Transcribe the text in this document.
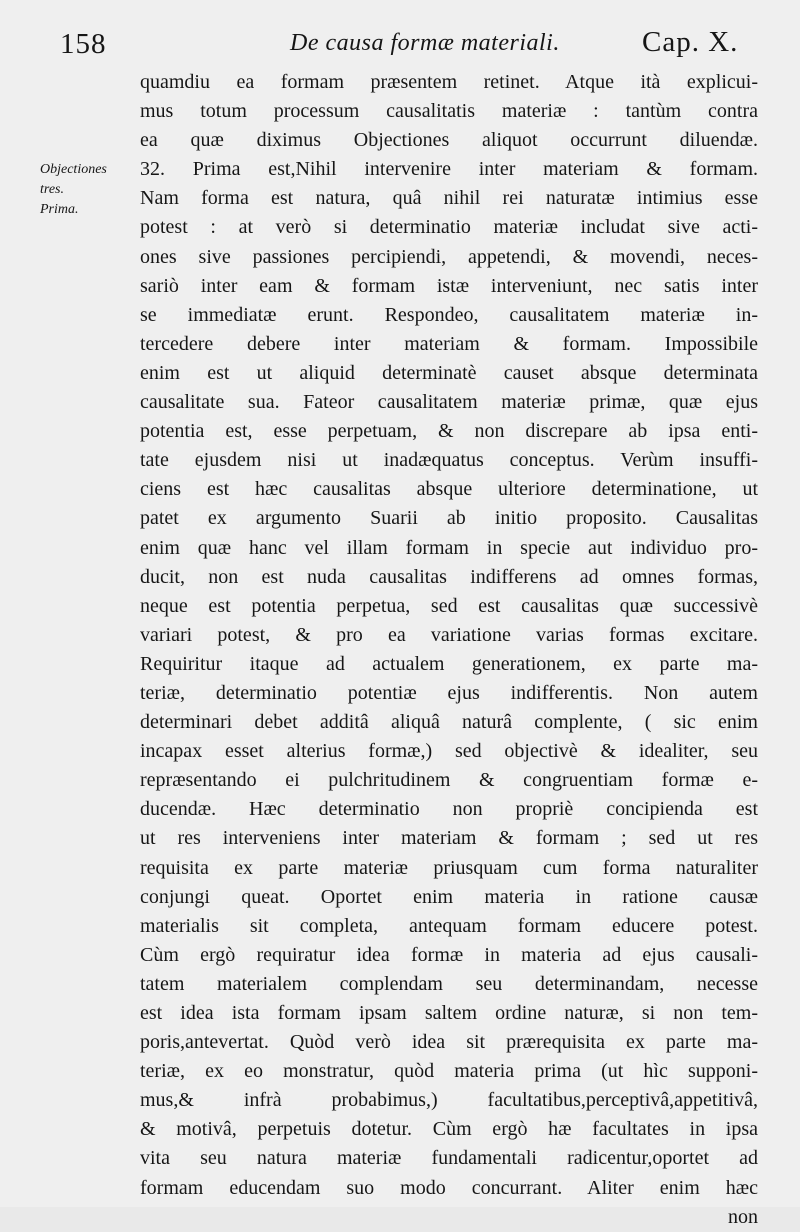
158	De causa formæ materiali.	Cap. X.
Objectiones
tres.
Prima.
quamdiu ea formam præsentem retinet. Atque ità explicui-
mus totum processum causalitatis materiæ : tantùm contra
ea quæ diximus Objectiones aliquot occurrunt diluendæ.
32. Prima est,Nihil intervenire inter materiam & formam.
Nam forma est natura, quâ nihil rei naturatæ intimius esse
potest : at verò si determinatio materiæ includat sive acti-
ones sive passiones percipiendi, appetendi, & movendi, neces-
sariò inter eam & formam istæ interveniunt, nec satis inter
se immediatæ erunt. Respondeo, causalitatem materiæ in-
tercedere debere inter materiam & formam. Impossibile
enim est ut aliquid determinatè causet absque determinata
causalitate sua. Fateor causalitatem materiæ primæ, quæ ejus
potentia est, esse perpetuam, & non discrepare ab ipsa enti-
tate ejusdem nisi ut inadæquatus conceptus. Verùm insuffi-
ciens est hæc causalitas absque ulteriore determinatione, ut
patet ex argumento Suarii ab initio proposito. Causalitas
enim quæ hanc vel illam formam in specie aut individuo pro-
ducit, non est nuda causalitas indifferens ad omnes formas,
neque est potentia perpetua, sed est causalitas quæ successivè
variari potest, & pro ea variatione varias formas excitare.
Requiritur itaque ad actualem generationem, ex parte ma-
teriæ, determinatio potentiæ ejus indifferentis. Non autem
determinari debet additâ aliquâ naturâ complente, ( sic enim
incapax esset alterius formæ,) sed objectivè & idealiter, seu
repræsentando ei pulchritudinem & congruentiam formæ e-
ducendæ. Hæc determinatio non propriè concipienda est
ut res interveniens inter materiam & formam ; sed ut res
requisita ex parte materiæ priusquam cum forma naturaliter
conjungi queat. Oportet enim materia in ratione causæ
materialis sit completa, antequam formam educere potest.
Cùm ergò requiratur idea formæ in materia ad ejus causali-
tatem materialem complendam seu determinandam, necesse
est idea ista formam ipsam saltem ordine naturæ, si non tem-
poris,antevertat. Quòd verò idea sit prærequisita ex parte ma-
teriæ, ex eo monstratur, quòd materia prima (ut hìc supponi-
mus,& infrà probabimus,) facultatibus,perceptivâ,appetitivâ,
& motivâ, perpetuis dotetur. Cùm ergò hæ facultates in ipsa
vita seu natura materiæ fundamentali radicentur,oportet ad
formam educendam suo modo concurrant. Aliter enim hæc
non
